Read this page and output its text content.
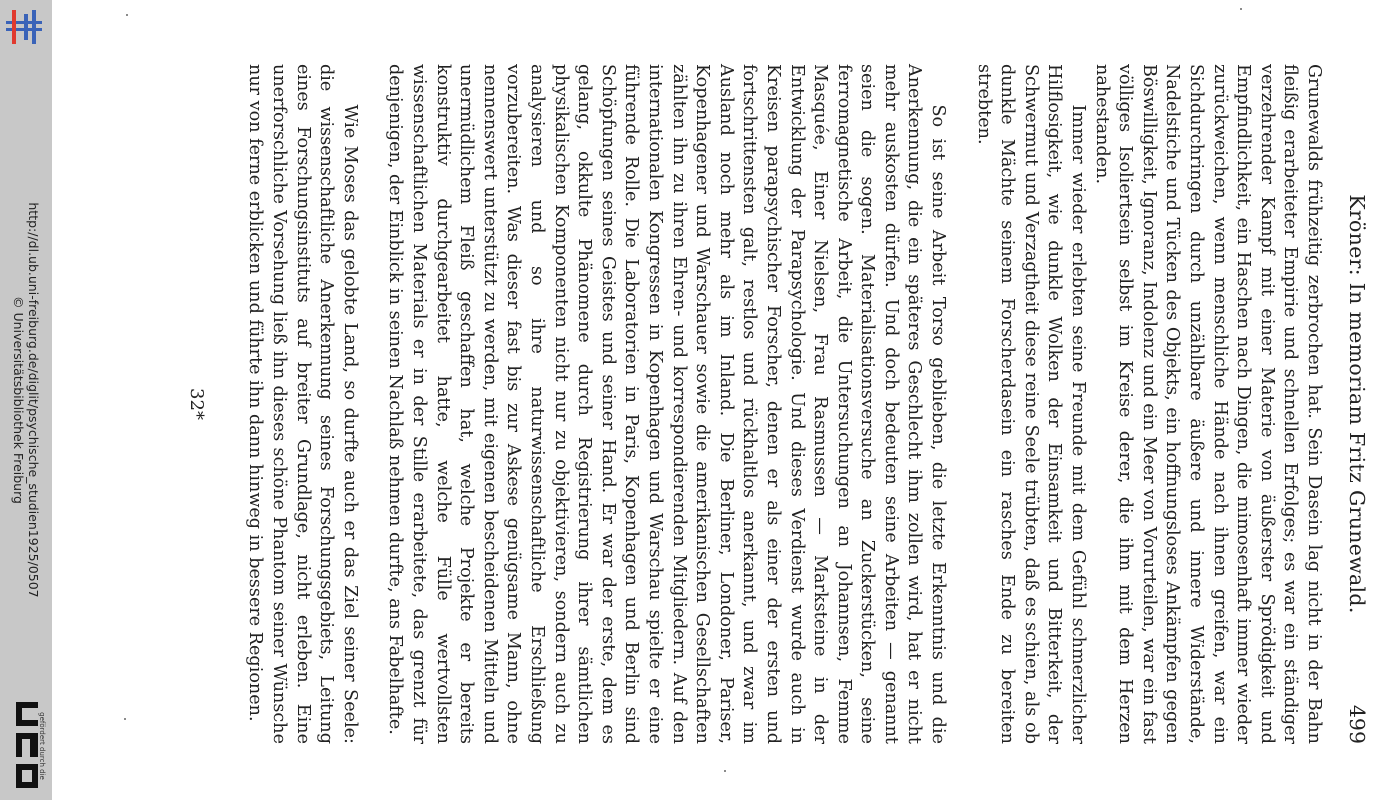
http://dl.ub.uni-freiburg.de/diglit/psychische_studien1925/0507
© Universitätsbibliothek Freiburg
gefördert durch die
Kröner: In memoriam Fritz Grunewald.
499

Grunewalds frühzeitig zerbrochen hat. Sein Dasein lag nicht in der Bahn fleißig erarbeiteter Empirie und schnellen Erfolges; es war ein ständiger verzehrender Kampf mit einer Materie von äußerster Sprödigkeit und Empfindlichkeit, ein Haschen nach Dingen, die mimosenhaft immer wieder zurückweichen, wenn menschliche Hände nach ihnen greifen, war ein Sichdurchringen durch unzählbare äußere und innere Widerstände, Nadelstiche und Tücken des Objekts, ein hoffnungsloses Ankämpfen gegen Böswilligkeit, Ignoranz, Indolenz und ein Meer von Vorurteilen, war ein fast völliges Isoliertsein selbst im Kreise derer, die ihm mit dem Herzen nahestanden.

Immer wieder erlebten seine Freunde mit dem Gefühl schmerzlicher Hilflosigkeit, wie dunkle Wolken der Einsamkeit und Bitterkeit, der Schwermut und Verzagtheit diese reine Seele trübten, daß es schien, als ob dunkle Mächte seinem Forscherdasein ein rasches Ende zu bereiten strebten.

So ist seine Arbeit Torso geblieben, die letzte Erkenntnis und die Anerkennung, die ein späteres Geschlecht ihm zollen wird, hat er nicht mehr auskosten dürfen. Und doch bedeuten seine Arbeiten — genannt seien die sogen. Materialisationsversuche an Zuckerstücken, seine ferromagnetische Arbeit, die Untersuchungen an Johannsen, Femme Masquée, Einer Nielsen, Frau Rasmussen — Marksteine in der Entwicklung der Parapsychologie. Und dieses Verdienst wurde auch in Kreisen parapsychischer Forscher, denen er als einer der ersten und fortschrittensten galt, restlos und rückhaltlos anerkannt, und zwar im Ausland noch mehr als im Inland. Die Berliner, Londoner, Pariser, Kopenhagener und Warschauer sowie die amerikanischen Gesellschaften zählten ihn zu ihren Ehren- und korrespondierenden Mitgliedern. Auf den internationalen Kongressen in Kopenhagen und Warschau spielte er eine führende Rolle. Die Laboratorien in Paris, Kopenhagen und Berlin sind Schöpfungen seines Geistes und seiner Hand. Er war der erste, dem es gelang, okkulte Phänomene durch Registrierung ihrer sämtlichen physikalischen Komponenten nicht nur zu objektivieren, sondern auch zu analysieren und so ihre naturwissenschaftliche Erschließung vorzubereiten. Was dieser fast bis zur Askese genügsame Mann, ohne nennenswert unterstützt zu werden, mit eigenen bescheidenen Mitteln und unermüdlichem Fleiß geschaffen hat, welche Projekte er bereits konstruktiv durchgearbeitet hatte, welche Fülle wertvollsten wissenschaftlichen Materials er in der Stille erarbeitete, das grenzt für denjenigen, der Einblick in seinen Nachlaß nehmen durfte, ans Fabelhafte.

Wie Moses das gelobte Land, so durfte auch er das Ziel seiner Seele: die wissenschaftliche Anerkennung seines Forschungsgebiets, Leitung eines Forschungsinstituts auf breiter Grundlage, nicht erleben. Eine unerforschliche Vorsehung ließ ihn dieses schöne Phantom seiner Wünsche nur von ferne erblicken und führte ihn dann hinweg in bessere Regionen.

32*
